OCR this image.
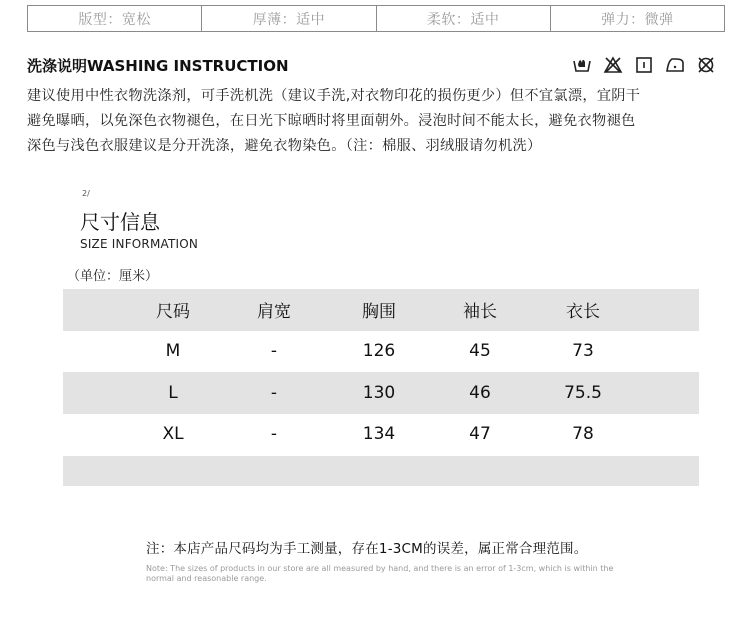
版型：宽松	厚薄：适中	柔软：适中	弹力：微弹
洗涤说明WASHING INSTRUCTION
建议使用中性衣物洗涤剂，可手洗机洗（建议手洗,对衣物印花的损伤更少）但不宜氯漂，宜阴干
避免曝晒，以免深色衣物褪色，在日光下晾晒时将里面朝外。浸泡时间不能太长，避免衣物褪色
深色与浅色衣服建议是分开洗涤，避免衣物染色。（注：棉服、羽绒服请勿机洗）
2/
尺寸信息
SIZE INFORMATION
（单位：厘米）
尺码	肩宽	胸围	袖长	衣长
M	-	126	45	73
L	-	130	46	75.5
XL	-	134	47	78
注：本店产品尺码均为手工测量，存在1-3CM的误差，属正常合理范围。
Note: The sizes of products in our store are all measured by hand, and there is an error of 1-3cm, which is within the normal and reasonable range.
